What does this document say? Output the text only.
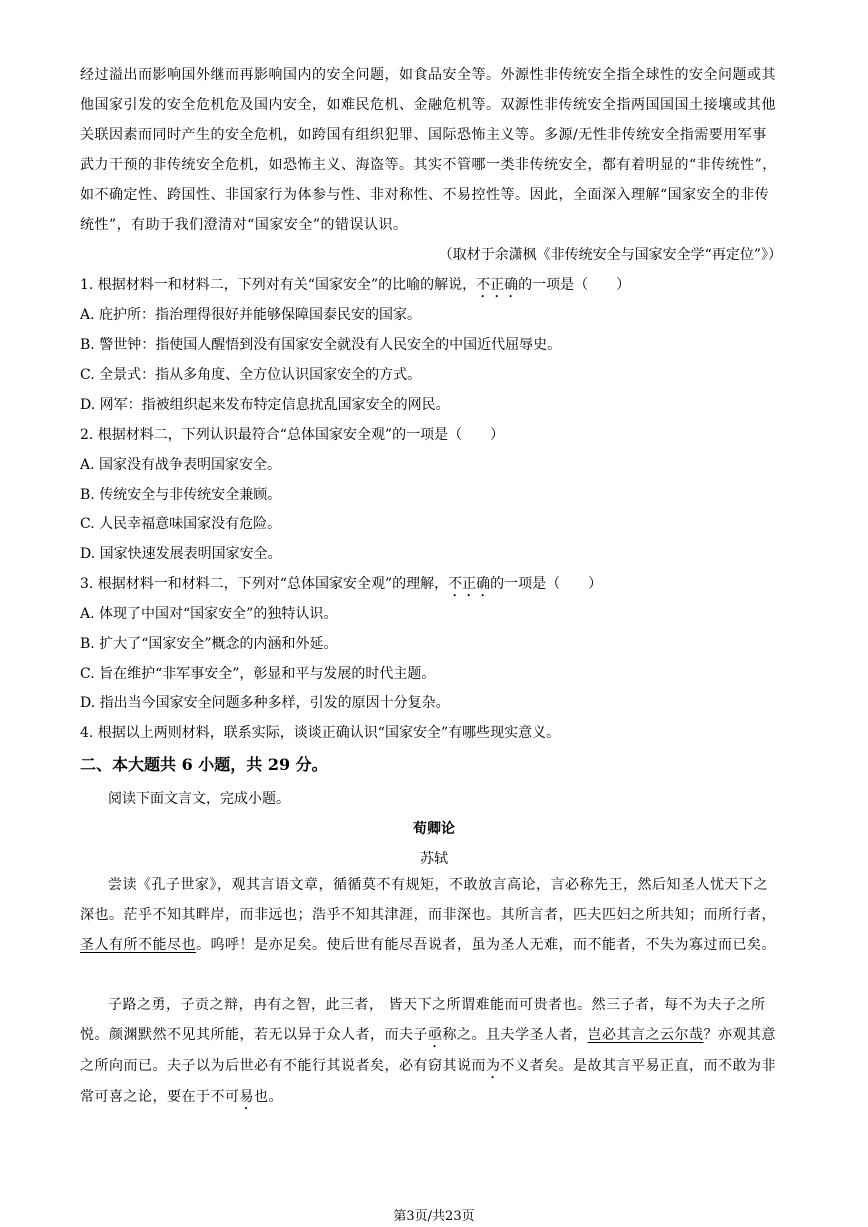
经过溢出而影响国外继而再影响国内的安全问题，如食品安全等。外源性非传统安全指全球性的安全问题或其他国家引发的安全危机危及国内安全，如难民危机、金融危机等。双源性非传统安全指两国国国土接壤或其他关联因素而同时产生的安全危机，如跨国有组织犯罪、国际恐怖主义等。多源/无性非传统安全指需要用军事武力干预的非传统安全危机，如恐怖主义、海盗等。其实不管哪一类非传统安全，都有着明显的“非传统性”，如不确定性、跨国性、非国家行为体参与性、非对称性、不易控性等。因此，全面深入理解“国家安全的非传统性”，有助于我们澄清对“国家安全”的错误认识。
（取材于余潇枫《非传统安全与国家安全学“再定位”》）
1. 根据材料一和材料二，下列对有关“国家安全”的比喻的解说，不正确的一项是（　　）
A. 庇护所：指治理得很好并能够保障国泰民安的国家。
B. 警世钟：指使国人醒悟到没有国家安全就没有人民安全的中国近代屈辱史。
C. 全景式：指从多角度、全方位认识国家安全的方式。
D. 网军：指被组织起来发布特定信息扰乱国家安全的网民。
2. 根据材料二，下列认识最符合“总体国家安全观”的一项是（　　）
A. 国家没有战争表明国家安全。
B. 传统安全与非传统安全兼顾。
C. 人民幸福意味国家没有危险。
D. 国家快速发展表明国家安全。
3. 根据材料一和材料二，下列对“总体国家安全观”的理解，不正确的一项是（　　）
A. 体现了中国对“国家安全”的独特认识。
B. 扩大了“国家安全”概念的内涵和外延。
C. 旨在维护“非军事安全”，彰显和平与发展的时代主题。
D. 指出当今国家安全问题多种多样，引发的原因十分复杂。
4. 根据以上两则材料，联系实际，谈谈正确认识“国家安全”有哪些现实意义。
二、本大题共 6 小题，共 29 分。
阅读下面文言文，完成小题。
荀卿论
苏轼
尝读《孔子世家》，观其言语文章，循循莫不有规矩，不敢放言高论，言必称先王，然后知圣人忧天下之深也。茫乎不知其畔岸，而非远也；浩乎不知其津涯，而非深也。其所言者，匹夫匹妇之所共知；而所行者，圣人有所不能尽也。呜呼！是亦足矣。使后世有能尽吾说者，虽为圣人无难，而不能者，不失为寡过而已矣。
子路之勇，子贡之辩，冉有之智，此三者， 皆天下之所谓难能而可贵者也。然三子者，每不为夫子之所悦。颜渊默然不见其所能，若无以异于众人者，而夫子亟称之。且夫学圣人者，岂必其言之云尔哉？亦观其意之所向而已。夫子以为后世必有不能行其说者矣，必有窃其说而为不义者矣。是故其言平易正直，而不敢为非常可喜之论，要在于不可易也。
第3页/共23页
